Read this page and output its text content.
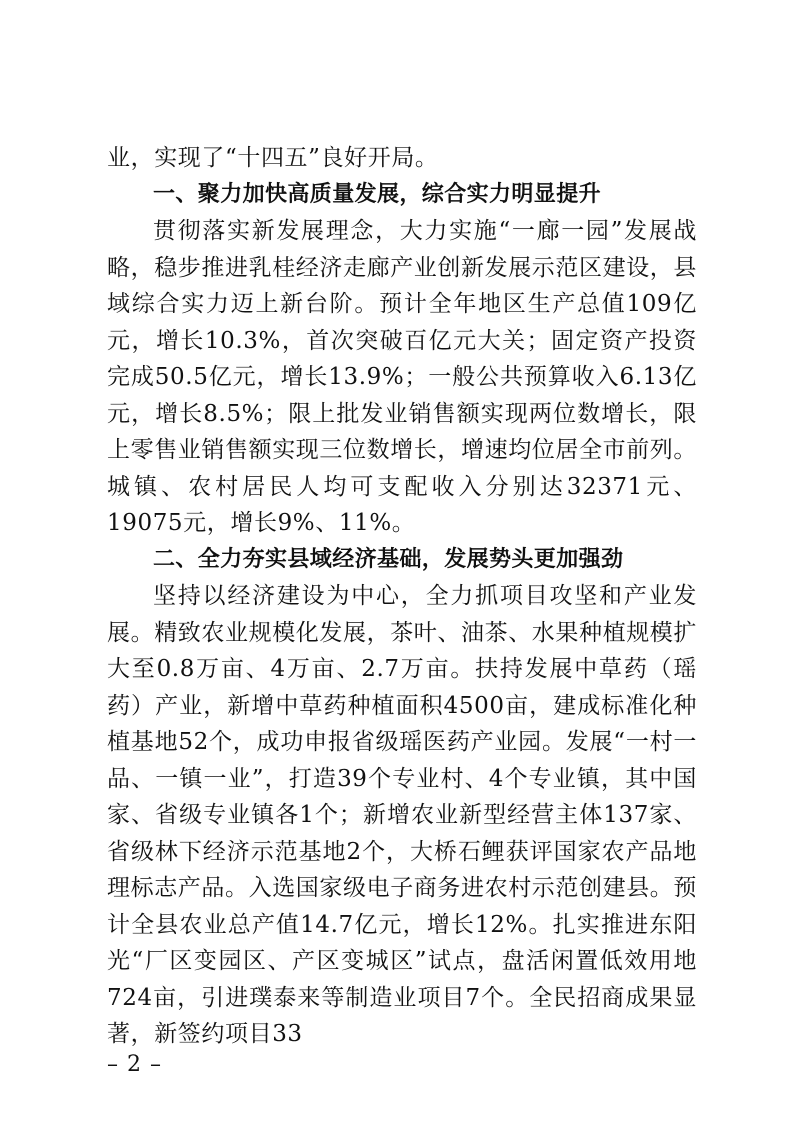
业，实现了“十四五”良好开局。

一、聚力加快高质量发展，综合实力明显提升

贯彻落实新发展理念，大力实施“一廊一园”发展战略，稳步推进乳桂经济走廊产业创新发展示范区建设，县域综合实力迈上新台阶。预计全年地区生产总值109亿元，增长10.3%，首次突破百亿元大关；固定资产投资完成50.5亿元，增长13.9%；一般公共预算收入6.13亿元，增长8.5%；限上批发业销售额实现两位数增长，限上零售业销售额实现三位数增长，增速均位居全市前列。城镇、农村居民人均可支配收入分别达32371元、19075元，增长9%、11%。

二、全力夯实县域经济基础，发展势头更加强劲

坚持以经济建设为中心，全力抓项目攻坚和产业发展。精致农业规模化发展，茶叶、油茶、水果种植规模扩大至0.8万亩、4万亩、2.7万亩。扶持发展中草药（瑶药）产业，新增中草药种植面积4500亩，建成标准化种植基地52个，成功申报省级瑶医药产业园。发展“一村一品、一镇一业”，打造39个专业村、4个专业镇，其中国家、省级专业镇各1个；新增农业新型经营主体137家、省级林下经济示范基地2个，大桥石鲤获评国家农产品地理标志产品。入选国家级电子商务进农村示范创建县。预计全县农业总产值14.7亿元，增长12%。扎实推进东阳光“厂区变园区、产区变城区”试点，盘活闲置低效用地724亩，引进璞泰来等制造业项目7个。全民招商成果显著，新签约项目33

– 2 –
